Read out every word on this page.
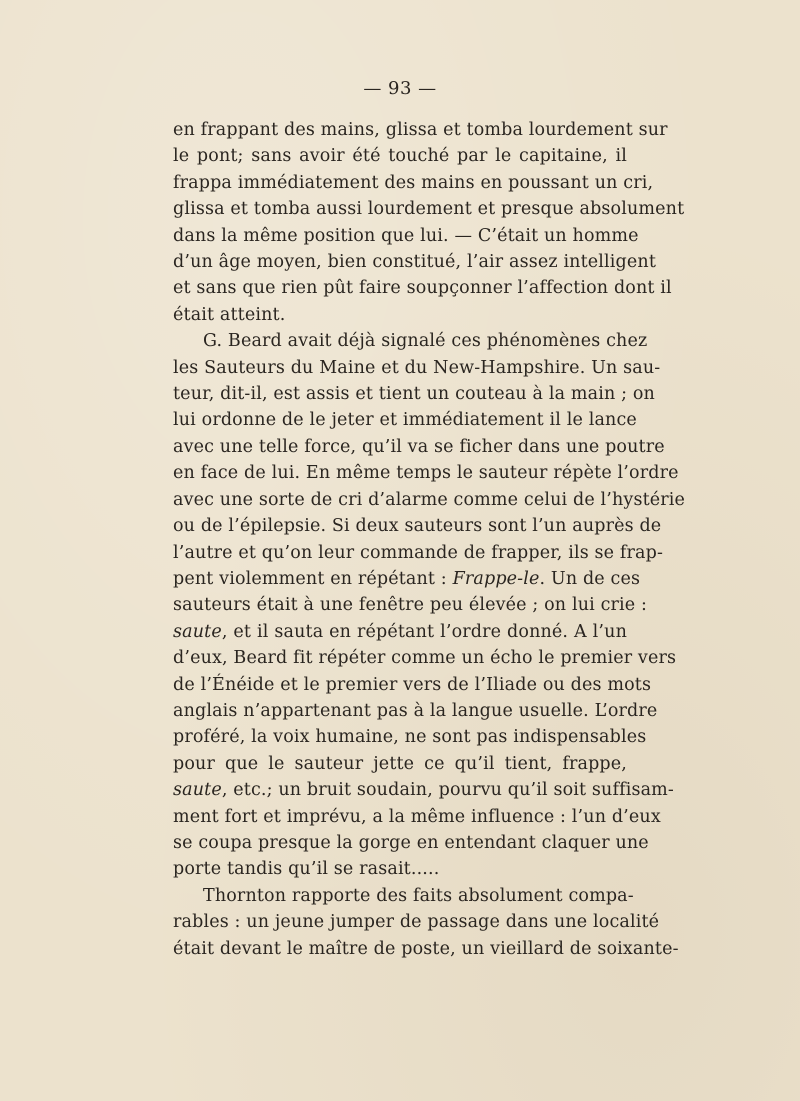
— 93 —

en frappant des mains, glissa et tomba lourdement sur
le pont; sans avoir été touché par le capitaine, il
frappa immédiatement des mains en poussant un cri,
glissa et tomba aussi lourdement et presque absolument
dans la même position que lui. — C’était un homme
d’un âge moyen, bien constitué, l’air assez intelligent
et sans que rien pût faire soupçonner l’affection dont il
était atteint.

G. Beard avait déjà signalé ces phénomènes chez
les Sauteurs du Maine et du New-Hampshire. Un sau-
teur, dit-il, est assis et tient un couteau à la main ; on
lui ordonne de le jeter et immédiatement il le lance
avec une telle force, qu’il va se ficher dans une poutre
en face de lui. En même temps le sauteur répète l’ordre
avec une sorte de cri d’alarme comme celui de l’hystérie
ou de l’épilepsie. Si deux sauteurs sont l’un auprès de
l’autre et qu’on leur commande de frapper, ils se frap-
pent violemment en répétant : Frappe-le. Un de ces
sauteurs était à une fenêtre peu élevée ; on lui crie :
saute, et il sauta en répétant l’ordre donné. A l’un
d’eux, Beard fit répéter comme un écho le premier vers
de l’Énéide et le premier vers de l’Iliade ou des mots
anglais n’appartenant pas à la langue usuelle. L’ordre
proféré, la voix humaine, ne sont pas indispensables
pour que le sauteur jette ce qu’il tient, frappe,
saute, etc.; un bruit soudain, pourvu qu’il soit suffisam-
ment fort et imprévu, a la même influence : l’un d’eux
se coupa presque la gorge en entendant claquer une
porte tandis qu’il se rasait.....

Thornton rapporte des faits absolument compa-
rables : un jeune jumper de passage dans une localité
était devant le maître de poste, un vieillard de soixante-
